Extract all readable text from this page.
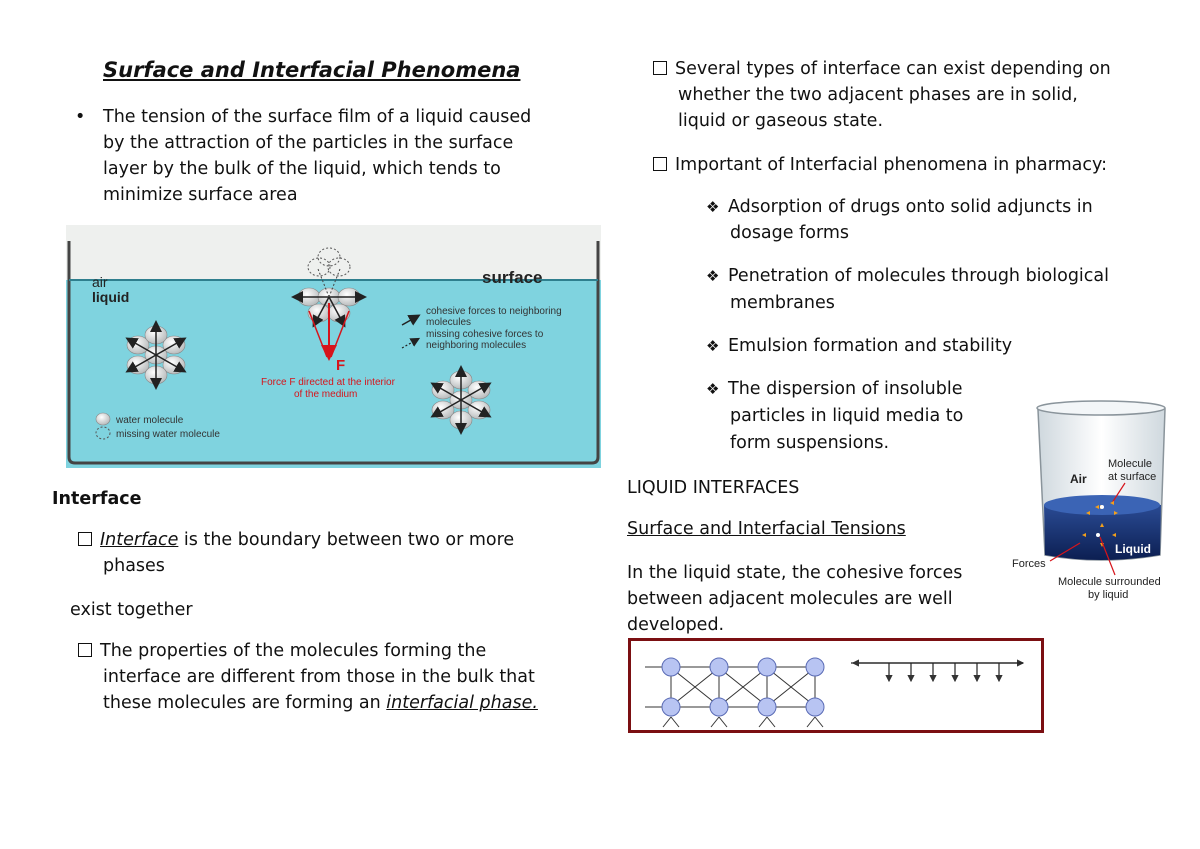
Surface and Interfacial Phenomena
• The tension of the surface film of a liquid caused
by the attraction of the particles in the surface
layer by the bulk of the liquid, which tends to
minimize surface area
air
liquid
surface
F
Force F directed at the interior
of the medium
cohesive forces to neighboring
molecules
missing cohesive forces to
neighboring molecules
water molecule
missing water molecule
Interface
Interface is the boundary between two or more
phases
exist together
The properties of the molecules forming the
interface are different from those in the bulk that
these molecules are forming an interfacial phase.
Several types of interface can exist depending on
whether the two adjacent phases are in solid,
liquid or gaseous state.
Important of Interfacial phenomena in pharmacy:
❖ Adsorption of drugs onto solid adjuncts in
dosage forms
❖ Penetration of molecules through biological
membranes
❖ Emulsion formation and stability
❖ The dispersion of insoluble
particles in liquid media to
form suspensions.
LIQUID INTERFACES
Surface and Interfacial Tensions
In the liquid state, the cohesive forces
between adjacent molecules are well
developed.
Air
Molecule
at surface
Liquid
Forces
Molecule surrounded
by liquid
